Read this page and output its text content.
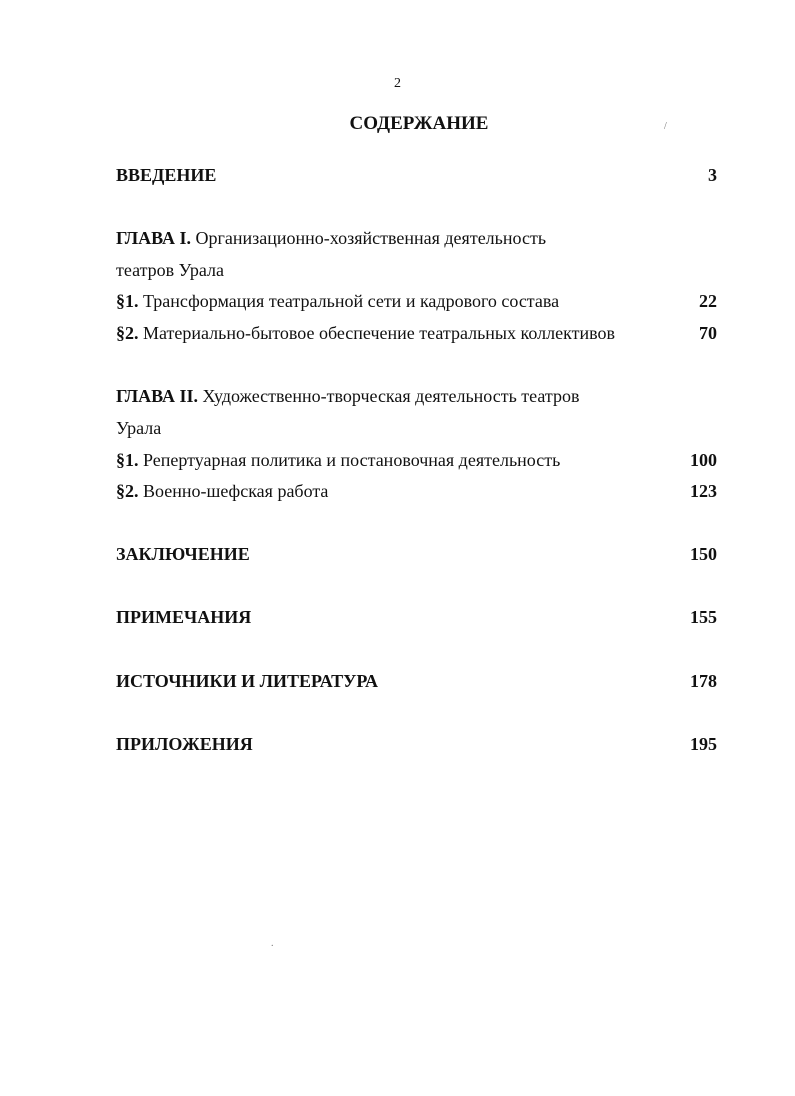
2
СОДЕРЖАНИЕ	/
ВВЕДЕНИЕ	3
ГЛАВА I. Организационно-хозяйственная деятельность
театров Урала
§1. Трансформация театральной сети и кадрового состава	22
§2. Материально-бытовое обеспечение театральных коллективов	70
ГЛАВА II. Художественно-творческая деятельность театров
Урала
§1. Репертуарная политика и постановочная деятельность	100
§2. Военно-шефская работа	123
ЗАКЛЮЧЕНИЕ	150
ПРИМЕЧАНИЯ	155
ИСТОЧНИКИ И ЛИТЕРАТУРА	178
ПРИЛОЖЕНИЯ	195
.
